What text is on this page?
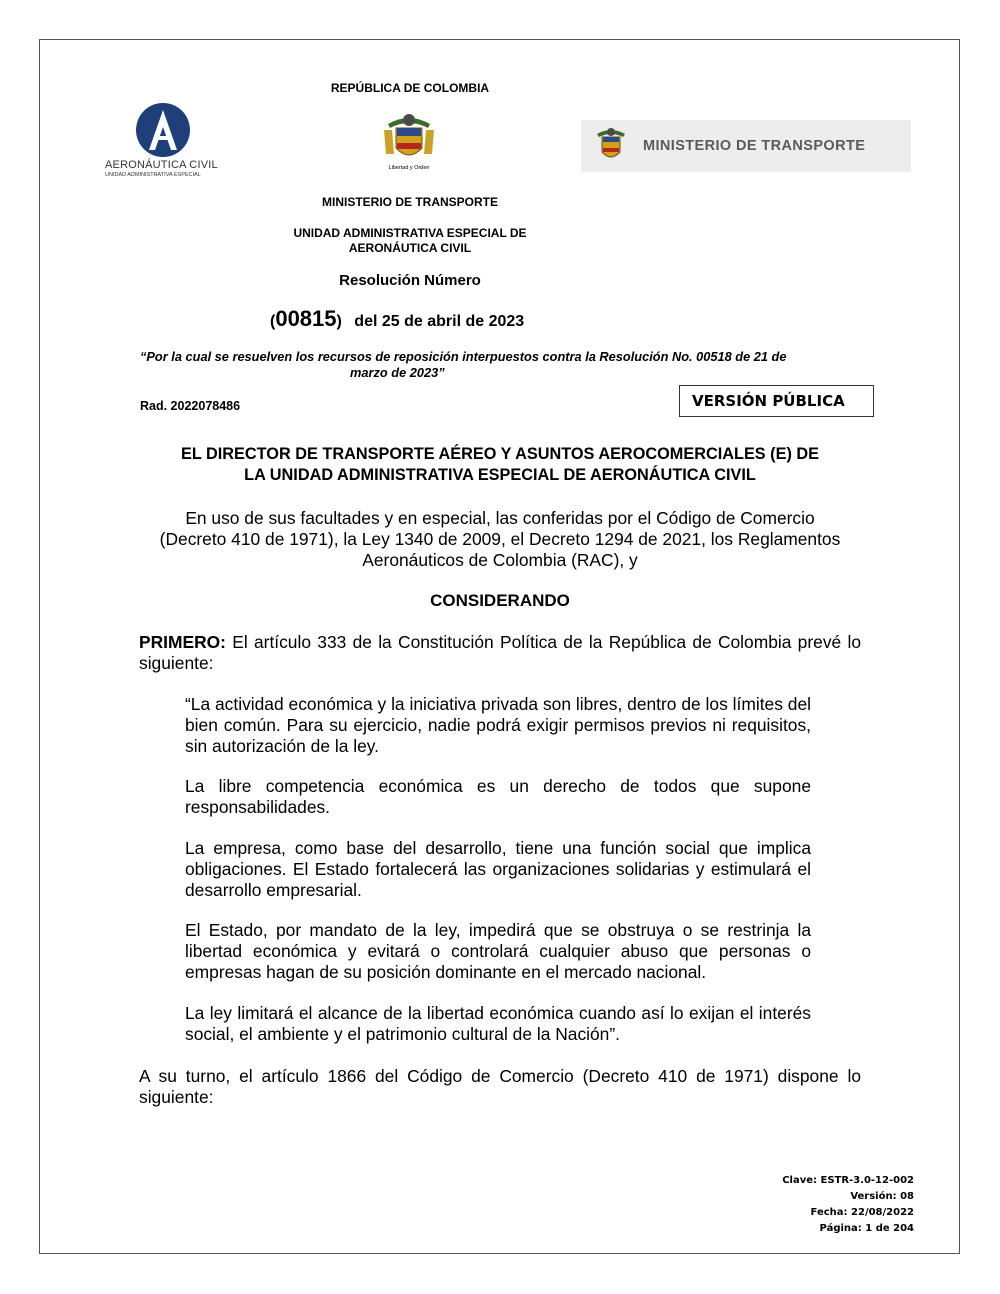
AERONÁUTICA CIVIL
UNIDAD ADMINISTRATIVA ESPECIAL
Libertad y Orden
MINISTERIO DE TRANSPORTE
REPÚBLICA DE COLOMBIA
MINISTERIO DE TRANSPORTE
UNIDAD ADMINISTRATIVA ESPECIAL DE
AERONÁUTICA CIVIL
Resolución Número
(00815) del 25 de abril de 2023
“Por la cual se resuelven los recursos de reposición interpuestos contra la Resolución No. 00518 de 21 de
marzo de 2023”
Rad. 2022078486	VERSIÓN PÚBLICA
EL DIRECTOR DE TRANSPORTE AÉREO Y ASUNTOS AEROCOMERCIALES (E) DE
LA UNIDAD ADMINISTRATIVA ESPECIAL DE AERONÁUTICA CIVIL
En uso de sus facultades y en especial, las conferidas por el Código de Comercio
(Decreto 410 de 1971), la Ley 1340 de 2009, el Decreto 1294 de 2021, los Reglamentos
Aeronáuticos de Colombia (RAC), y
CONSIDERANDO
PRIMERO: El artículo 333 de la Constitución Política de la República de Colombia prevé lo siguiente:
“La actividad económica y la iniciativa privada son libres, dentro de los límites del bien común. Para su ejercicio, nadie podrá exigir permisos previos ni requisitos, sin autorización de la ley.
La libre competencia económica es un derecho de todos que supone responsabilidades.
La empresa, como base del desarrollo, tiene una función social que implica obligaciones. El Estado fortalecerá las organizaciones solidarias y estimulará el desarrollo empresarial.
El Estado, por mandato de la ley, impedirá que se obstruya o se restrinja la libertad económica y evitará o controlará cualquier abuso que personas o empresas hagan de su posición dominante en el mercado nacional.
La ley limitará el alcance de la libertad económica cuando así lo exijan el interés social, el ambiente y el patrimonio cultural de la Nación”.
A su turno, el artículo 1866 del Código de Comercio (Decreto 410 de 1971) dispone lo siguiente:
Clave: ESTR-3.0-12-002
Versión: 08
Fecha: 22/08/2022
Página: 1 de 204
